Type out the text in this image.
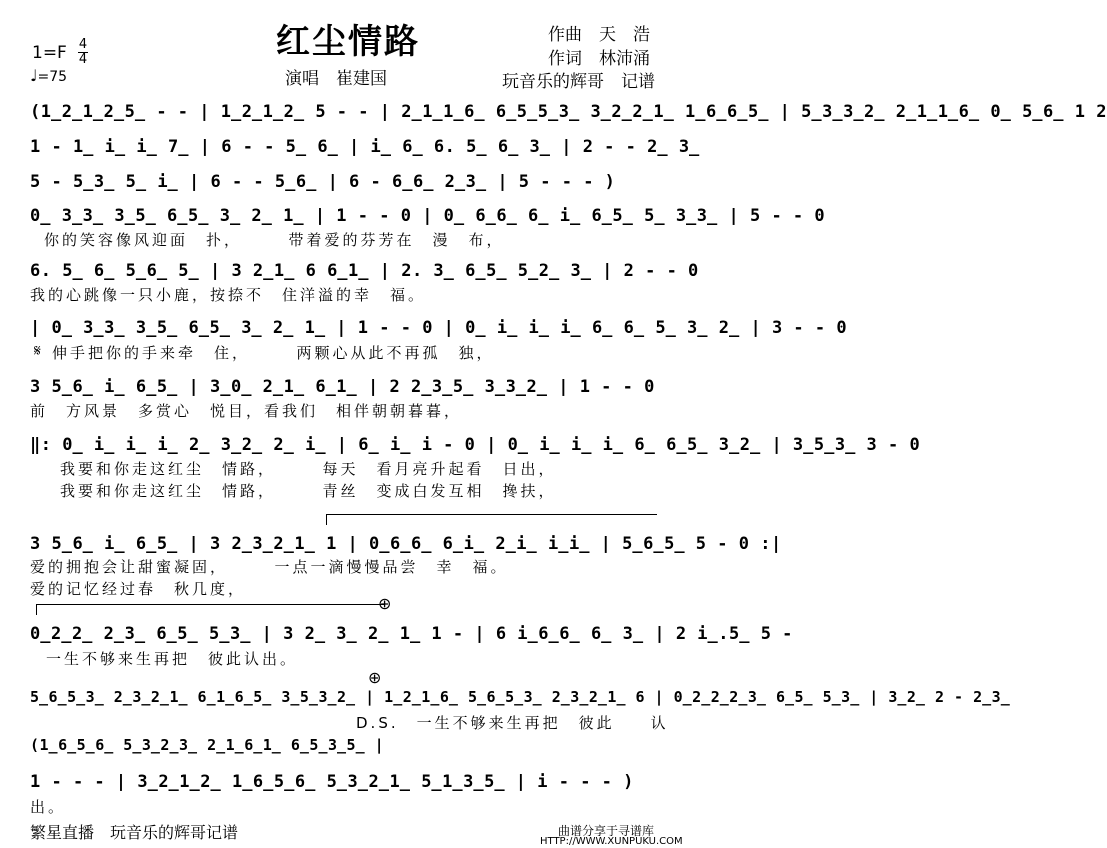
红尘情路
1=F 4
4
♩=75	演唱　崔建国
作曲　天　浩
作词　林沛涌
玩音乐的辉哥　记谱
(1̲2̲1̲2̲5̲ - - | 1̲2̲1̲2̲ 5 - - | 2̲1̲1̲6̲ 6̲5̲5̲3̲ 3̲2̲2̲1̲ 1̲6̲6̲5̲ | 5̲3̲3̲2̲ 2̲1̲1̲6̲ 0̲ 5̲6̲ 1 2
1 - 1̲ i̲ i̲ 7̲ | 6 - - 5̲ 6̲ | i̲ 6̲ 6. 5̲ 6̲ 3̲ | 2 - - 2̲ 3̲
5 - 5̲3̲ 5̲ i̲ | 6 - - 5̲6̲ | 6 - 6̲6̲ 2̲3̲ | 5 - - - )
0̲ 3̲3̲ 3̲5̲ 6̲5̲ 3̲ 2̲ 1̲ | 1 - - 0 | 0̲ 6̲6̲ 6̲ i̲ 6̲5̲ 5̲ 3̲3̲ | 5 - - 0
你的笑容像风迎面　扑，　　　带着爱的芬芳在　漫　布，
6. 5̲ 6̲ 5̲6̲ 5̲ | 3 2̲1̲ 6 6̲1̲ | 2. 3̲ 6̲5̲ 5̲2̲ 3̲ | 2 - - 0
我的心跳像一只小鹿，按捺不　住洋溢的幸　福。
𝄋
| 0̲ 3̲3̲ 3̲5̲ 6̲5̲ 3̲ 2̲ 1̲ | 1 - - 0 | 0̲ i̲ i̲ i̲ 6̲ 6̲ 5̲ 3̲ 2̲ | 3 - - 0
伸手把你的手来牵　住，　　　两颗心从此不再孤　独，
3 5̲6̲ i̲ 6̲5̲ | 3̲0̲ 2̲1̲ 6̲1̲ | 2 2̲3̲5̲ 3̲3̲2̲ | 1 - - 0
前　方风景　多赏心　悦目，看我们　相伴朝朝暮暮，
‖: 0̲ i̲ i̲ i̲ 2̲ 3̲2̲ 2̲ i̲ | 6̲ i̲ i - 0 | 0̲ i̲ i̲ i̲ 6̲ 6̲5̲ 3̲2̲ | 3̲5̲3̲ 3 - 0
我要和你走这红尘　情路，　　　每天　看月亮升起看　日出，
我要和你走这红尘　情路，　　　青丝　变成白发互相　搀扶，
3 5̲6̲ i̲ 6̲5̲ | 3 2̲3̲2̲1̲ 1 | 0̲6̲6̲ 6̲i̲ 2̲i̲ i̲i̲ | 5̲6̲5̲ 5 - 0 :|
爱的拥抱会让甜蜜凝固，　　　一点一滴慢慢品尝　幸　福。
爱的记忆经过春　秋几度，
⊕
0̲2̲2̲ 2̲3̲ 6̲5̲ 5̲3̲ | 3 2̲ 3̲ 2̲ 1̲ 1 - | 6 i̲6̲6̲ 6̲ 3̲ | 2 i̲.5̲ 5 -
一生不够来生再把　彼此认出。
⊕
5̲6̲5̲3̲ 2̲3̲2̲1̲ 6̲1̲6̲5̲ 3̲5̲3̲2̲ | 1̲2̲1̲6̲ 5̲6̲5̲3̲ 2̲3̲2̲1̲ 6 | 0̲2̲2̲2̲3̲ 6̲5̲ 5̲3̲ | 3̲2̲ 2 - 2̲3̲
D.S.　一生不够来生再把　彼此　　认
(1̲6̲5̲6̲ 5̲3̲2̲3̲ 2̲1̲6̲1̲ 6̲5̲3̲5̲ |
1 - - - | 3̲2̲1̲2̲ 1̲6̲5̲6̲ 5̲3̲2̲1̲ 5̲1̲3̲5̲ | i - - - )
出。
繁星直播　玩音乐的辉哥记谱	曲谱分享于寻谱库
HTTP://WWW.XUNPUKU.COM
